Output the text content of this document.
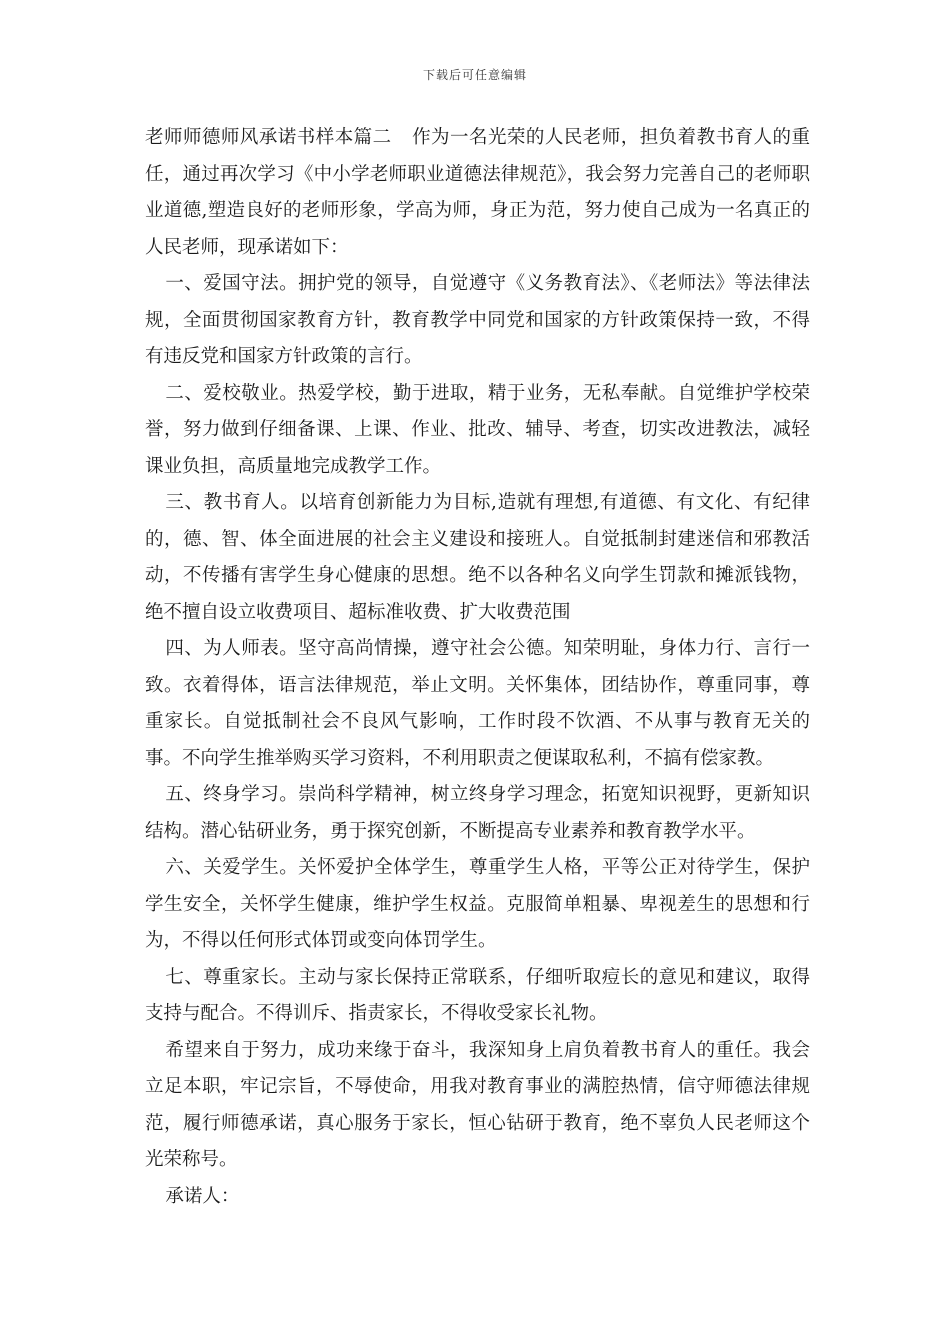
下载后可任意编辑

老师师德师风承诺书样本篇二 作为一名光荣的人民老师，担负着教书育人的重任，通过再次学习《中小学老师职业道德法律规范》，我会努力完善自己的老师职业道德,塑造良好的老师形象，学高为师，身正为范，努力使自己成为一名真正的人民老师，现承诺如下：

一、爱国守法。拥护党的领导，自觉遵守《义务教育法》、《老师法》等法律法规，全面贯彻国家教育方针，教育教学中同党和国家的方针政策保持一致，不得有违反党和国家方针政策的言行。

二、爱校敬业。热爱学校，勤于进取，精于业务，无私奉献。自觉维护学校荣誉，努力做到仔细备课、上课、作业、批改、辅导、考查，切实改进教法，减轻课业负担，高质量地完成教学工作。

三、教书育人。以培育创新能力为目标,造就有理想,有道德、有文化、有纪律的，德、智、体全面进展的社会主义建设和接班人。自觉抵制封建迷信和邪教活动，不传播有害学生身心健康的思想。绝不以各种名义向学生罚款和摊派钱物，绝不擅自设立收费项目、超标准收费、扩大收费范围

四、为人师表。坚守高尚情操，遵守社会公德。知荣明耻，身体力行、言行一致。衣着得体，语言法律规范，举止文明。关怀集体，团结协作，尊重同事，尊重家长。自觉抵制社会不良风气影响，工作时段不饮酒、不从事与教育无关的事。不向学生推举购买学习资料，不利用职责之便谋取私利，不搞有偿家教。

五、终身学习。崇尚科学精神，树立终身学习理念，拓宽知识视野，更新知识结构。潜心钻研业务，勇于探究创新，不断提高专业素养和教育教学水平。

六、关爱学生。关怀爱护全体学生，尊重学生人格，平等公正对待学生，保护学生安全，关怀学生健康，维护学生权益。克服简单粗暴、卑视差生的思想和行为，不得以任何形式体罚或变向体罚学生。

七、尊重家长。主动与家长保持正常联系，仔细听取痘长的意见和建议，取得支持与配合。不得训斥、指责家长，不得收受家长礼物。

希望来自于努力，成功来缘于奋斗，我深知身上肩负着教书育人的重任。我会立足本职，牢记宗旨，不辱使命，用我对教育事业的满腔热情，信守师德法律规范，履行师德承诺，真心服务于家长，恒心钻研于教育，绝不辜负人民老师这个光荣称号。

承诺人：
